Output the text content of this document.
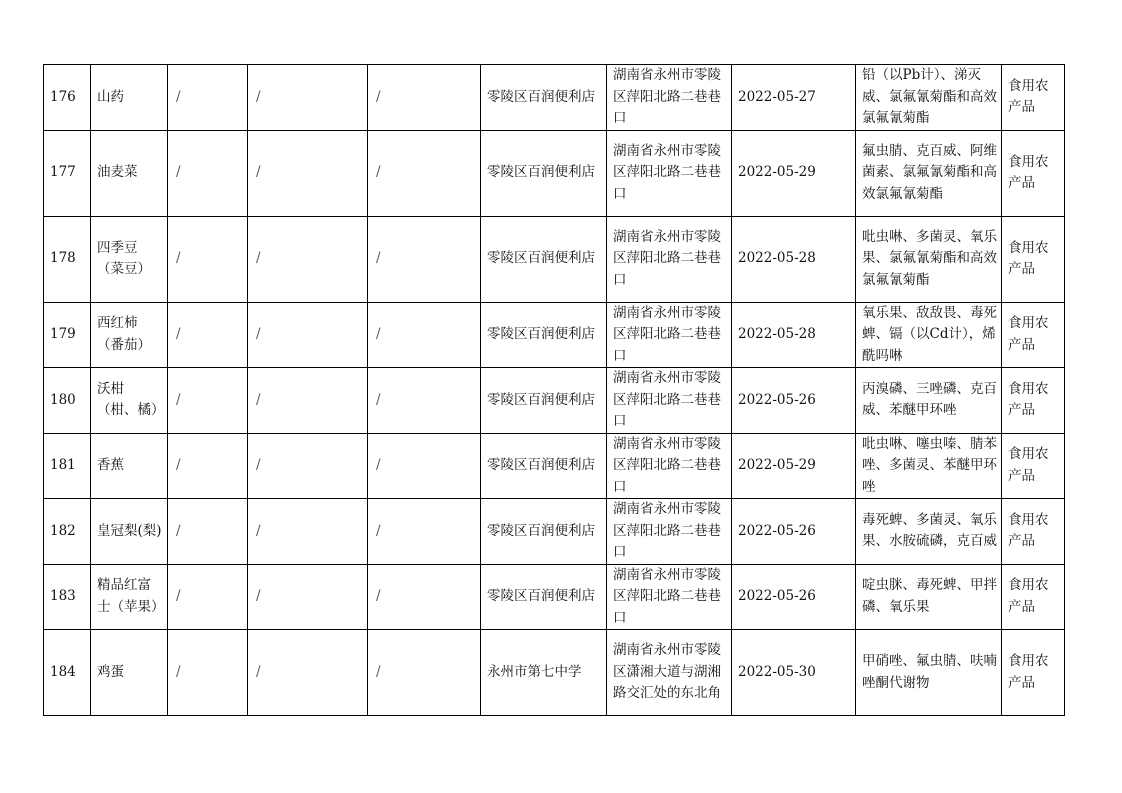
176	山药	/	/	/	零陵区百润便利店	湖南省永州市零陵区萍阳北路二巷巷口	2022-05-27	铅（以Pb计）、涕灭威、氯氟氰菊酯和高效氯氟氰菊酯	食用农产品
177	油麦菜	/	/	/	零陵区百润便利店	湖南省永州市零陵区萍阳北路二巷巷口	2022-05-29	氟虫腈、克百威、阿维菌素、氯氟氰菊酯和高效氯氟氰菊酯	食用农产品
178	四季豆（菜豆）	/	/	/	零陵区百润便利店	湖南省永州市零陵区萍阳北路二巷巷口	2022-05-28	吡虫啉、多菌灵、氧乐果、氯氟氰菊酯和高效氯氟氰菊酯	食用农产品
179	西红柿（番茄）	/	/	/	零陵区百润便利店	湖南省永州市零陵区萍阳北路二巷巷口	2022-05-28	氧乐果、敌敌畏、毒死蜱、镉（以Cd计），烯酰吗啉	食用农产品
180	沃柑（柑、橘）	/	/	/	零陵区百润便利店	湖南省永州市零陵区萍阳北路二巷巷口	2022-05-26	丙溴磷、三唑磷、克百威、苯醚甲环唑	食用农产品
181	香蕉	/	/	/	零陵区百润便利店	湖南省永州市零陵区萍阳北路二巷巷口	2022-05-29	吡虫啉、噻虫嗪、腈苯唑、多菌灵、苯醚甲环唑	食用农产品
182	皇冠梨(梨)	/	/	/	零陵区百润便利店	湖南省永州市零陵区萍阳北路二巷巷口	2022-05-26	毒死蜱、多菌灵、氧乐果、水胺硫磷，克百威	食用农产品
183	精品红富士（苹果）	/	/	/	零陵区百润便利店	湖南省永州市零陵区萍阳北路二巷巷口	2022-05-26	啶虫脒、毒死蜱、甲拌磷、氧乐果	食用农产品
184	鸡蛋	/	/	/	永州市第七中学	湖南省永州市零陵区潇湘大道与湖湘路交汇处的东北角	2022-05-30	甲硝唑、氟虫腈、呋喃唑酮代谢物	食用农产品
